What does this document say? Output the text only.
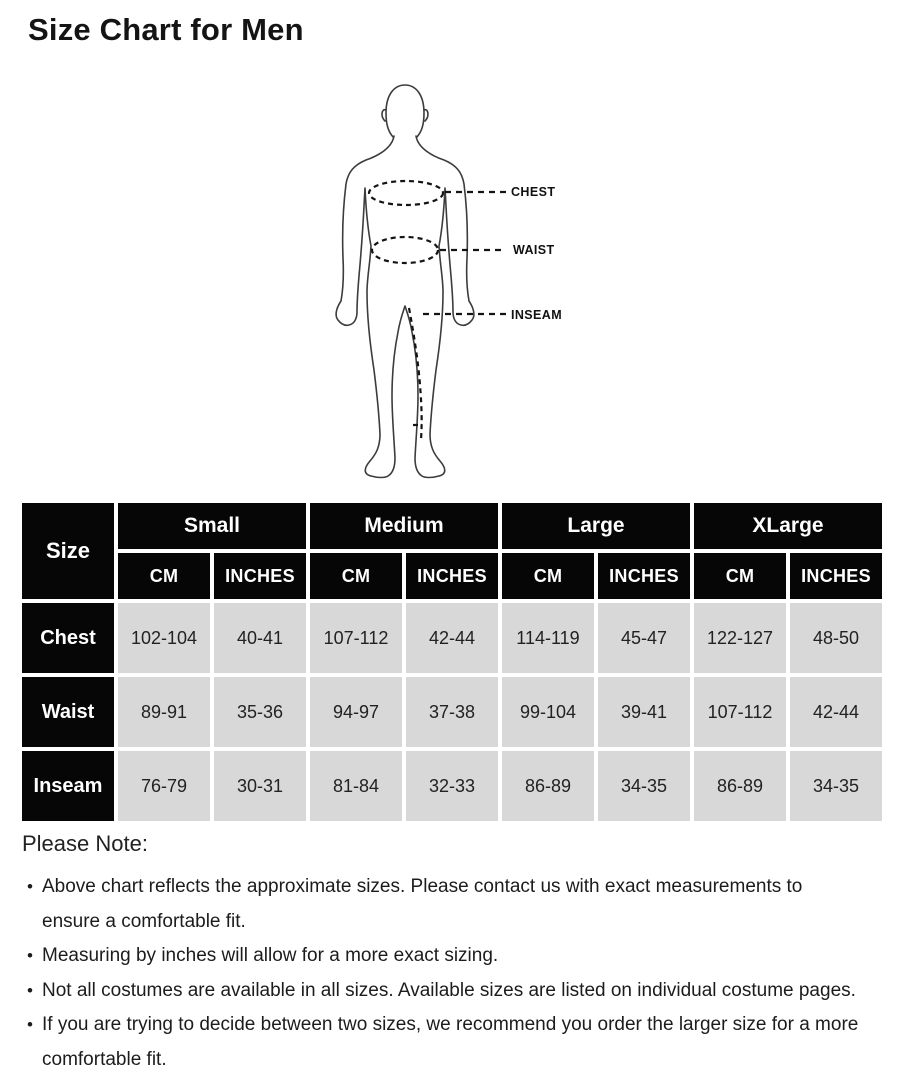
Size Chart for Men
CHEST
WAIST
INSEAM
Size	Small		Medium		Large		XLarge	
	CM	INCHES	CM	INCHES	CM	INCHES	CM	INCHES
Chest	102-104	40-41	107-112	42-44	114-119	45-47	122-127	48-50
Waist	89-91	35-36	94-97	37-38	99-104	39-41	107-112	42-44
Inseam	76-79	30-31	81-84	32-33	86-89	34-35	86-89	34-35

Please Note:

• Above chart reflects the approximate sizes. Please contact us with exact measurements to
ensure a comfortable fit.
• Measuring by inches will allow for a more exact sizing.
• Not all costumes are available in all sizes. Available sizes are listed on individual costume pages.
• If you are trying to decide between two sizes, we recommend you order the larger size for a more
comfortable fit.
